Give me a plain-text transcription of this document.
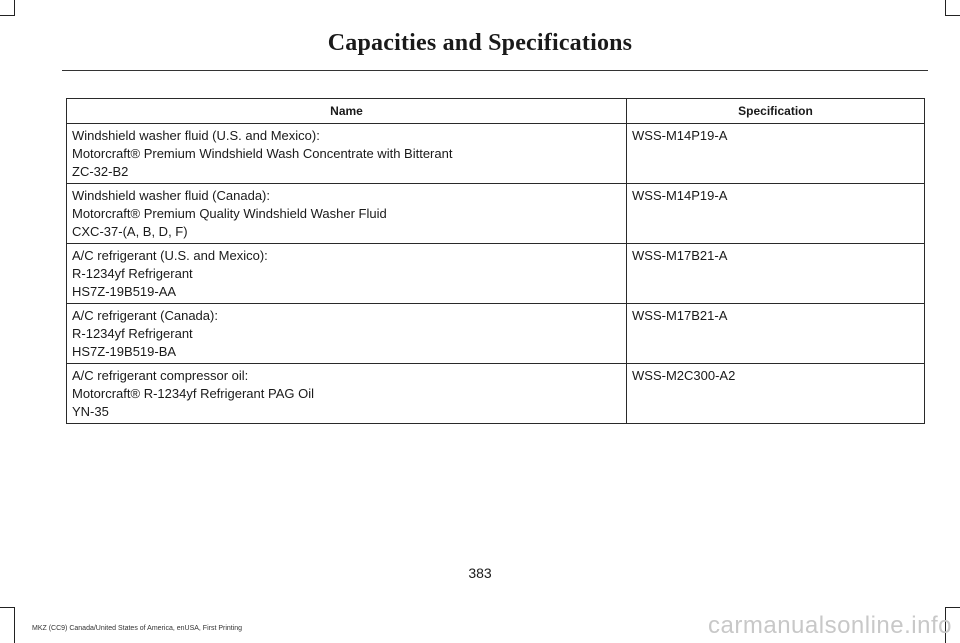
Capacities and Specifications
Name	Specification

Windshield washer fluid (U.S. and Mexico):
Motorcraft® Premium Windshield Wash Concentrate with Bitterant
ZC-32-B2	WSS-M14P19-A

Windshield washer fluid (Canada):
Motorcraft® Premium Quality Windshield Washer Fluid
CXC-37-(A, B, D, F)	WSS-M14P19-A

A/C refrigerant (U.S. and Mexico):
R-1234yf Refrigerant
HS7Z-19B519-AA	WSS-M17B21-A

A/C refrigerant (Canada):
R-1234yf Refrigerant
HS7Z-19B519-BA	WSS-M17B21-A

A/C refrigerant compressor oil:
Motorcraft® R-1234yf Refrigerant PAG Oil
YN-35	WSS-M2C300-A2
383
MKZ (CC9) Canada/United States of America, enUSA, First Printing	carmanualsonline.info
